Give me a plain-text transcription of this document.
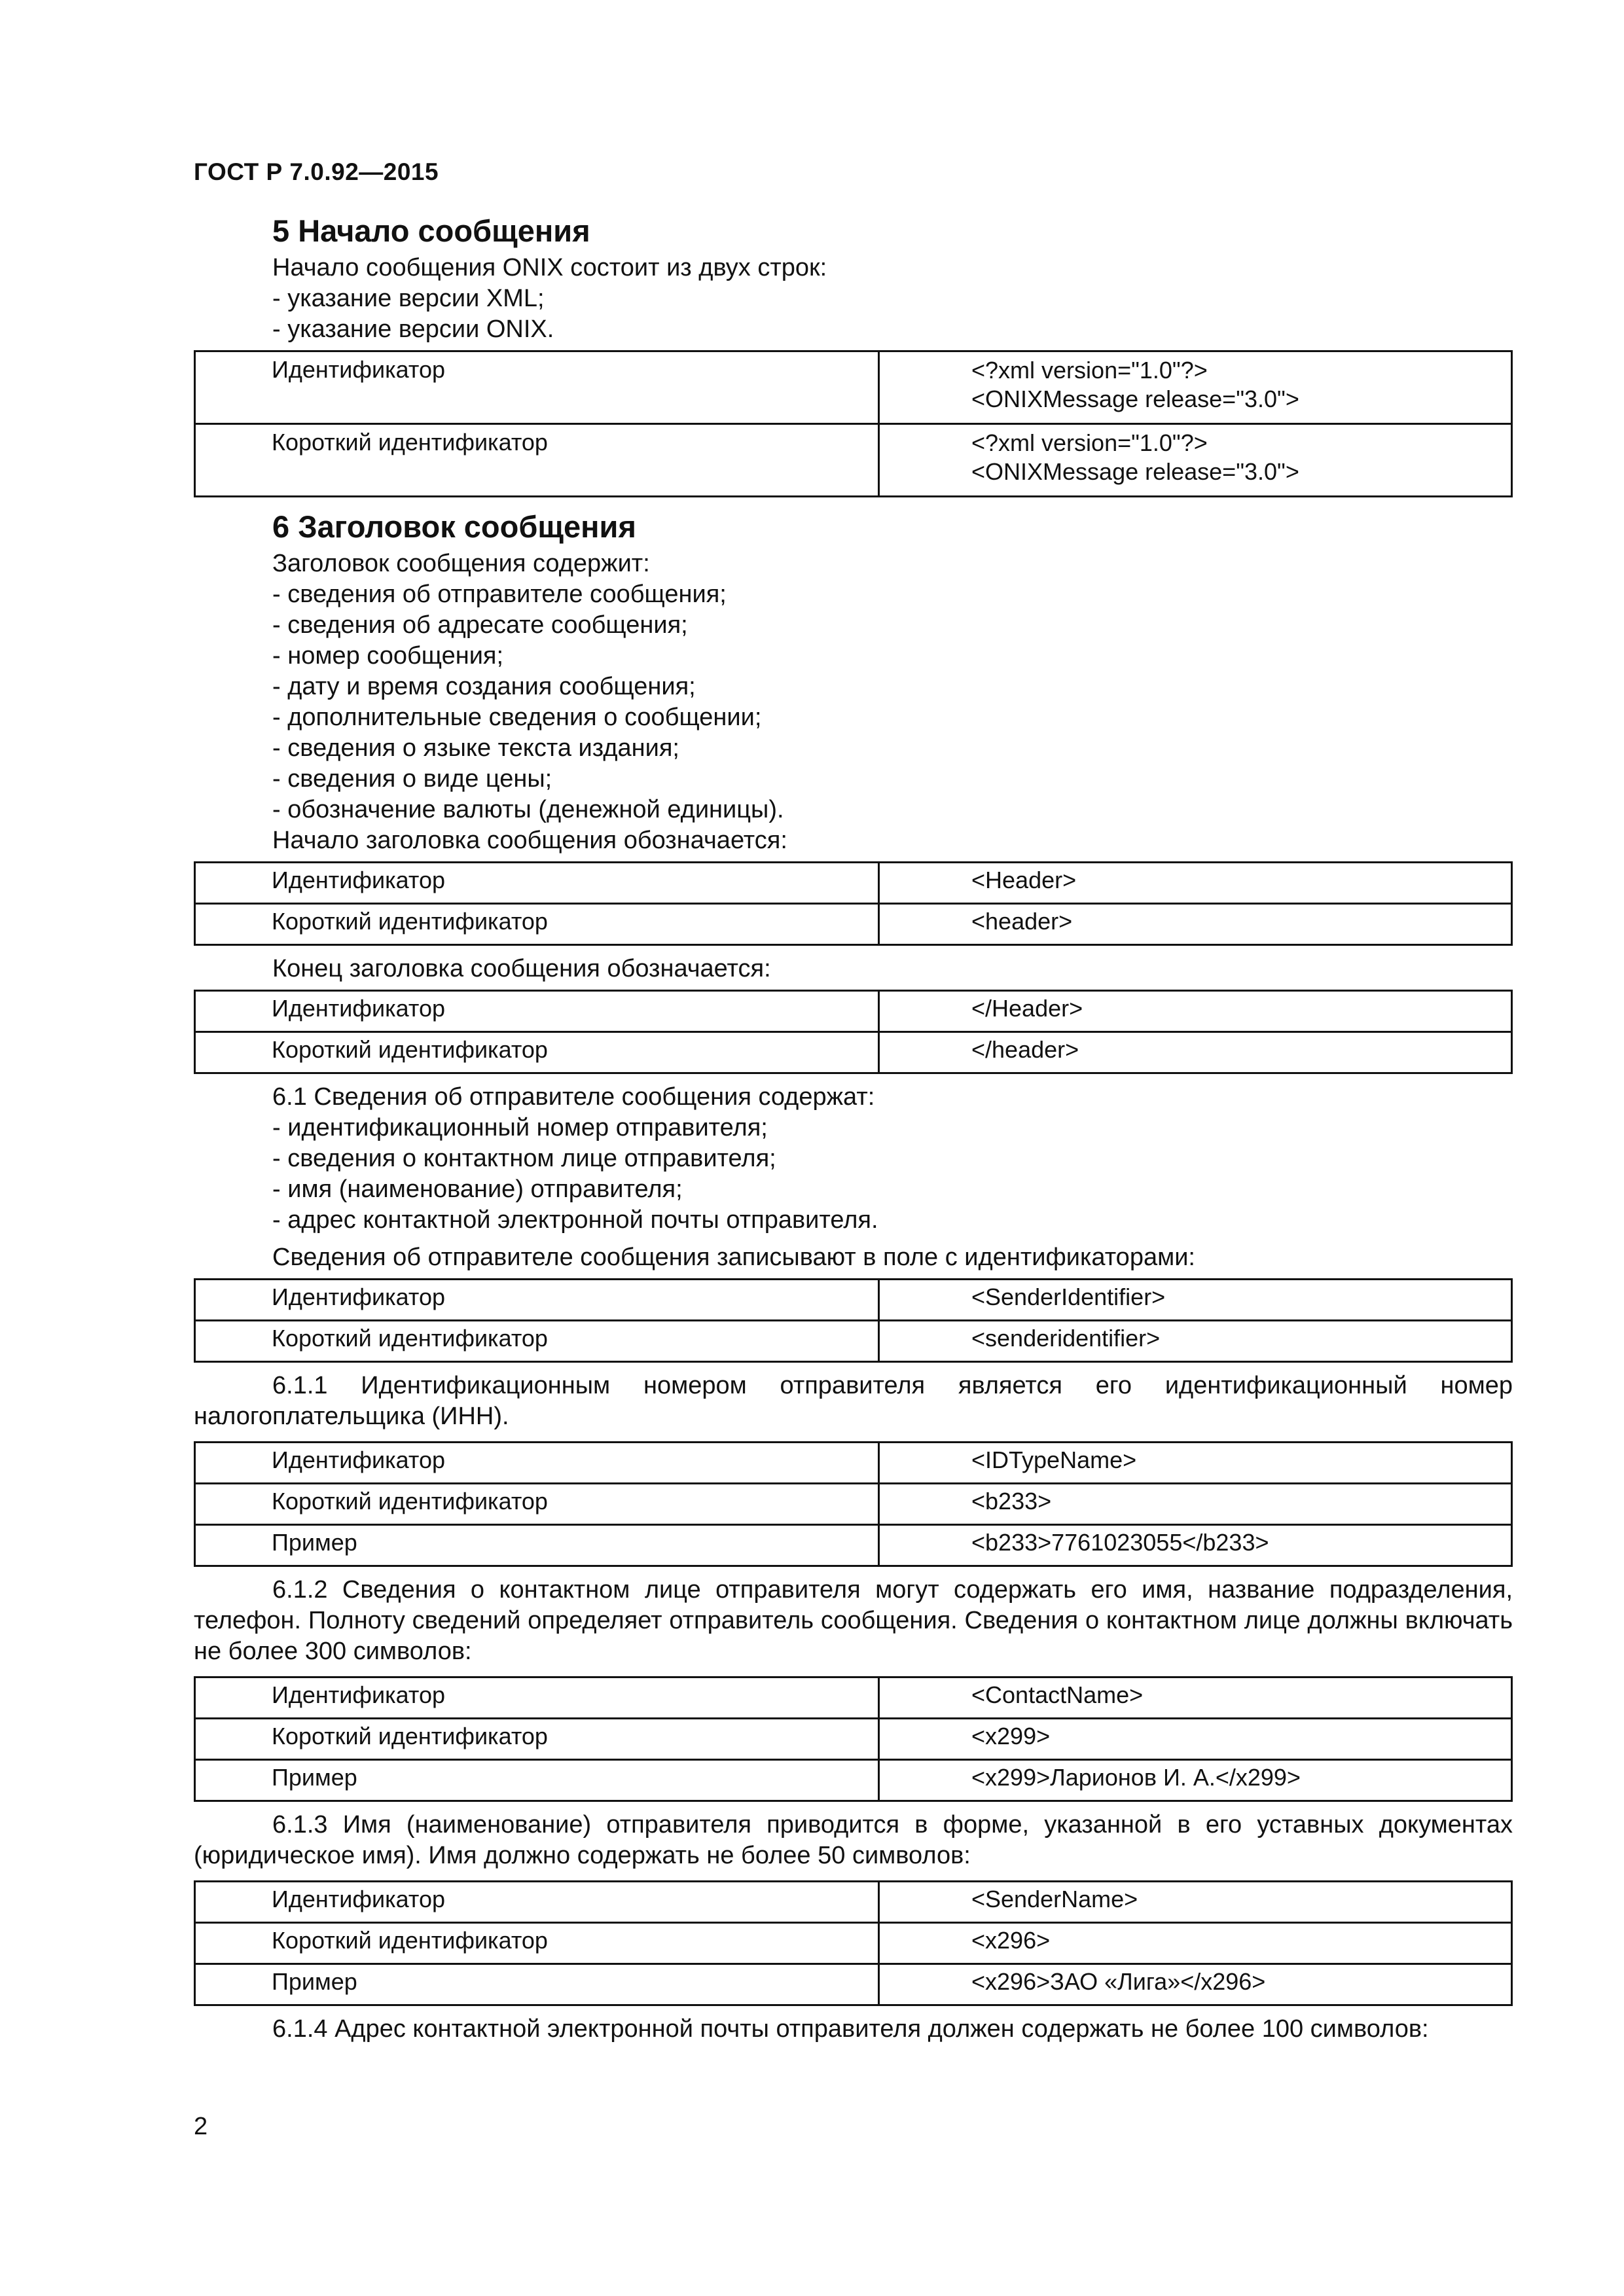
ГОСТ Р 7.0.92—2015
5 Начало сообщения
Начало сообщения ONIX состоит из двух строк:
- указание версии XML;
- указание версии ONIX.
Идентификатор	<?xml version="1.0"?>
<ONIXMessage release="3.0">

Короткий идентификатор	<?xml version="1.0"?>
<ONIXMessage release="3.0">
6 Заголовок сообщения
Заголовок сообщения содержит:
- сведения об отправителе сообщения;
- сведения об адресате сообщения;
- номер сообщения;
- дату и время создания сообщения;
- дополнительные сведения о сообщении;
- сведения о языке текста издания;
- сведения о виде цены;
- обозначение валюты (денежной единицы).
Начало заголовка сообщения обозначается:
Идентификатор	<Header>
Короткий идентификатор	<header>
Конец заголовка сообщения обозначается:
Идентификатор	</Header>
Короткий идентификатор	</header>
6.1 Сведения об отправителе сообщения содержат:
- идентификационный номер отправителя;
- сведения о контактном лице отправителя;
- имя (наименование) отправителя;
- адрес контактной электронной почты отправителя.
Сведения об отправителе сообщения записывают в поле с идентификаторами:
Идентификатор	<SenderIdentifier>
Короткий идентификатор	<senderidentifier>
6.1.1 Идентификационным номером отправителя является его идентификационный номер налогоплательщика (ИНН).
Идентификатор	<IDTypeName>
Короткий идентификатор	<b233>
Пример	<b233>7761023055</b233>
6.1.2 Сведения о контактном лице отправителя могут содержать его имя, название подразделения, телефон. Полноту сведений определяет отправитель сообщения. Сведения о контактном лице должны включать не более 300 символов:
Идентификатор	<ContactName>
Короткий идентификатор	<x299>
Пример	<x299>Ларионов И. А.</x299>
6.1.3 Имя (наименование) отправителя приводится в форме, указанной в его уставных документах (юридическое имя). Имя должно содержать не более 50 символов:
Идентификатор	<SenderName>
Короткий идентификатор	<x296>
Пример	<x296>ЗАО «Лига»</x296>
6.1.4 Адрес контактной электронной почты отправителя должен содержать не более 100 символов:
2
